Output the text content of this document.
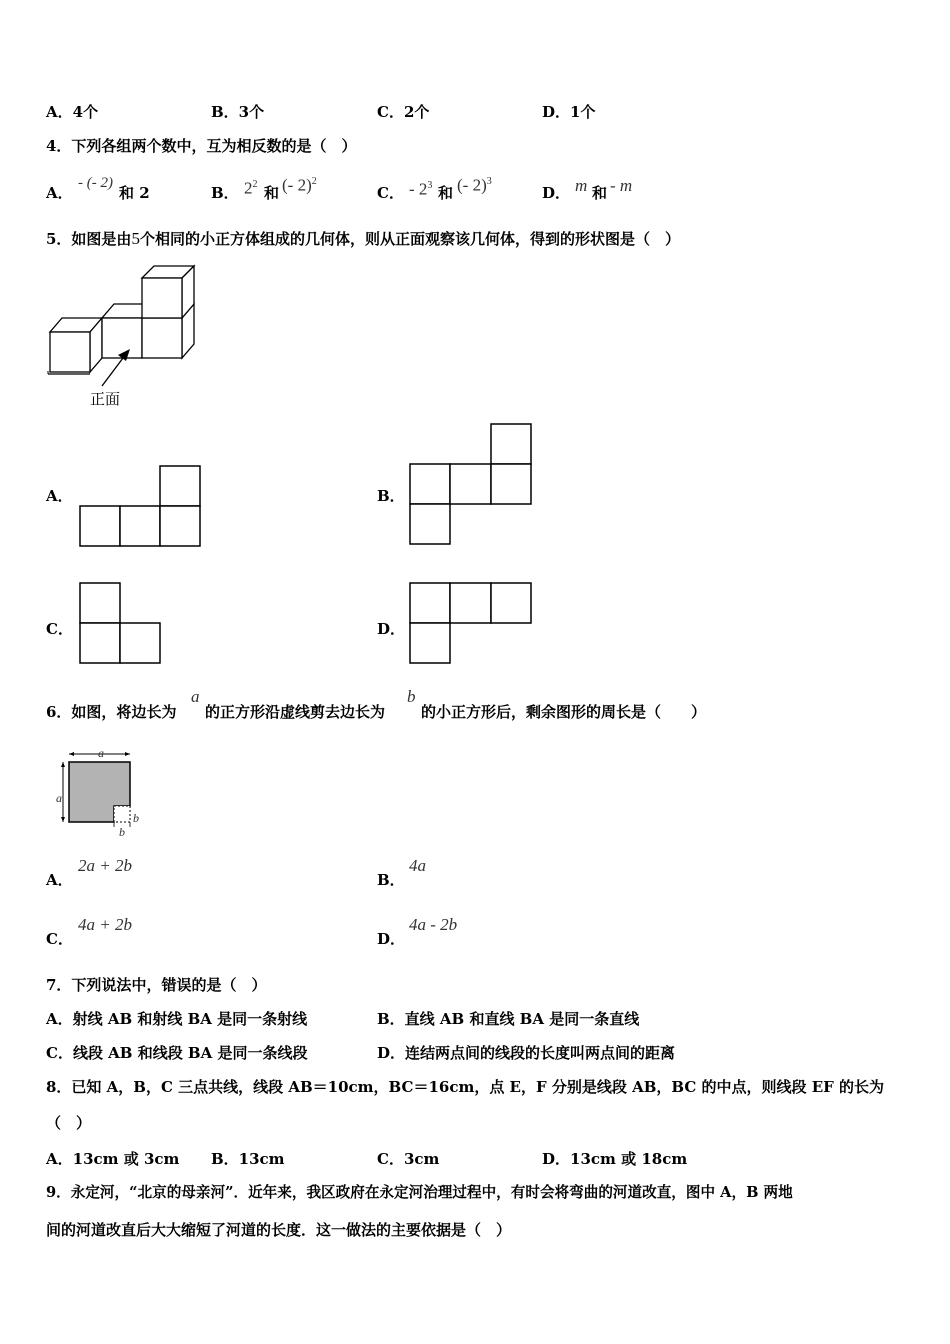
A．4个	B．3个	C．2个	D．1个
4．下列各组两个数中，互为相反数的是（　）
A．
- (- 2)
和 2	B． $2^2$ 和 (- 2)$^2$
C． - $2^3$ 和 (- 2)$^3$
D． m 和 - m
5．如图是由5个相同的小正方体组成的几何体，则从正面观察该几何体，得到的形状图是（　）
正面
A．	B．
C．	D．
6．如图，将边长为
a
的正方形沿虚线剪去边长为
b
的小正方形后，剩余图形的周长是（　　）
a
a
b
b
A．
2a + 2b
B．
4a
C．
4a + 2b
D．
4a - 2b
7．下列说法中，错误的是（　）
A．射线 AB 和射线 BA 是同一条射线	B．直线 AB 和直线 BA 是同一条直线
C．线段 AB 和线段 BA 是同一条线段	D．连结两点间的线段的长度叫两点间的距离
8．已知 A，B，C 三点共线，线段 AB＝10cm，BC＝16cm，点 E，F 分别是线段 AB，BC 的中点，则线段 EF 的长为
（　）
A．13cm 或 3cm B．13cm	C．3cm	D．13cm 或 18cm
9．永定河，“北京的母亲河”．近年来，我区政府在永定河治理过程中，有时会将弯曲的河道改直，图中 A，B 两地
间的河道改直后大大缩短了河道的长度．这一做法的主要依据是（　）
